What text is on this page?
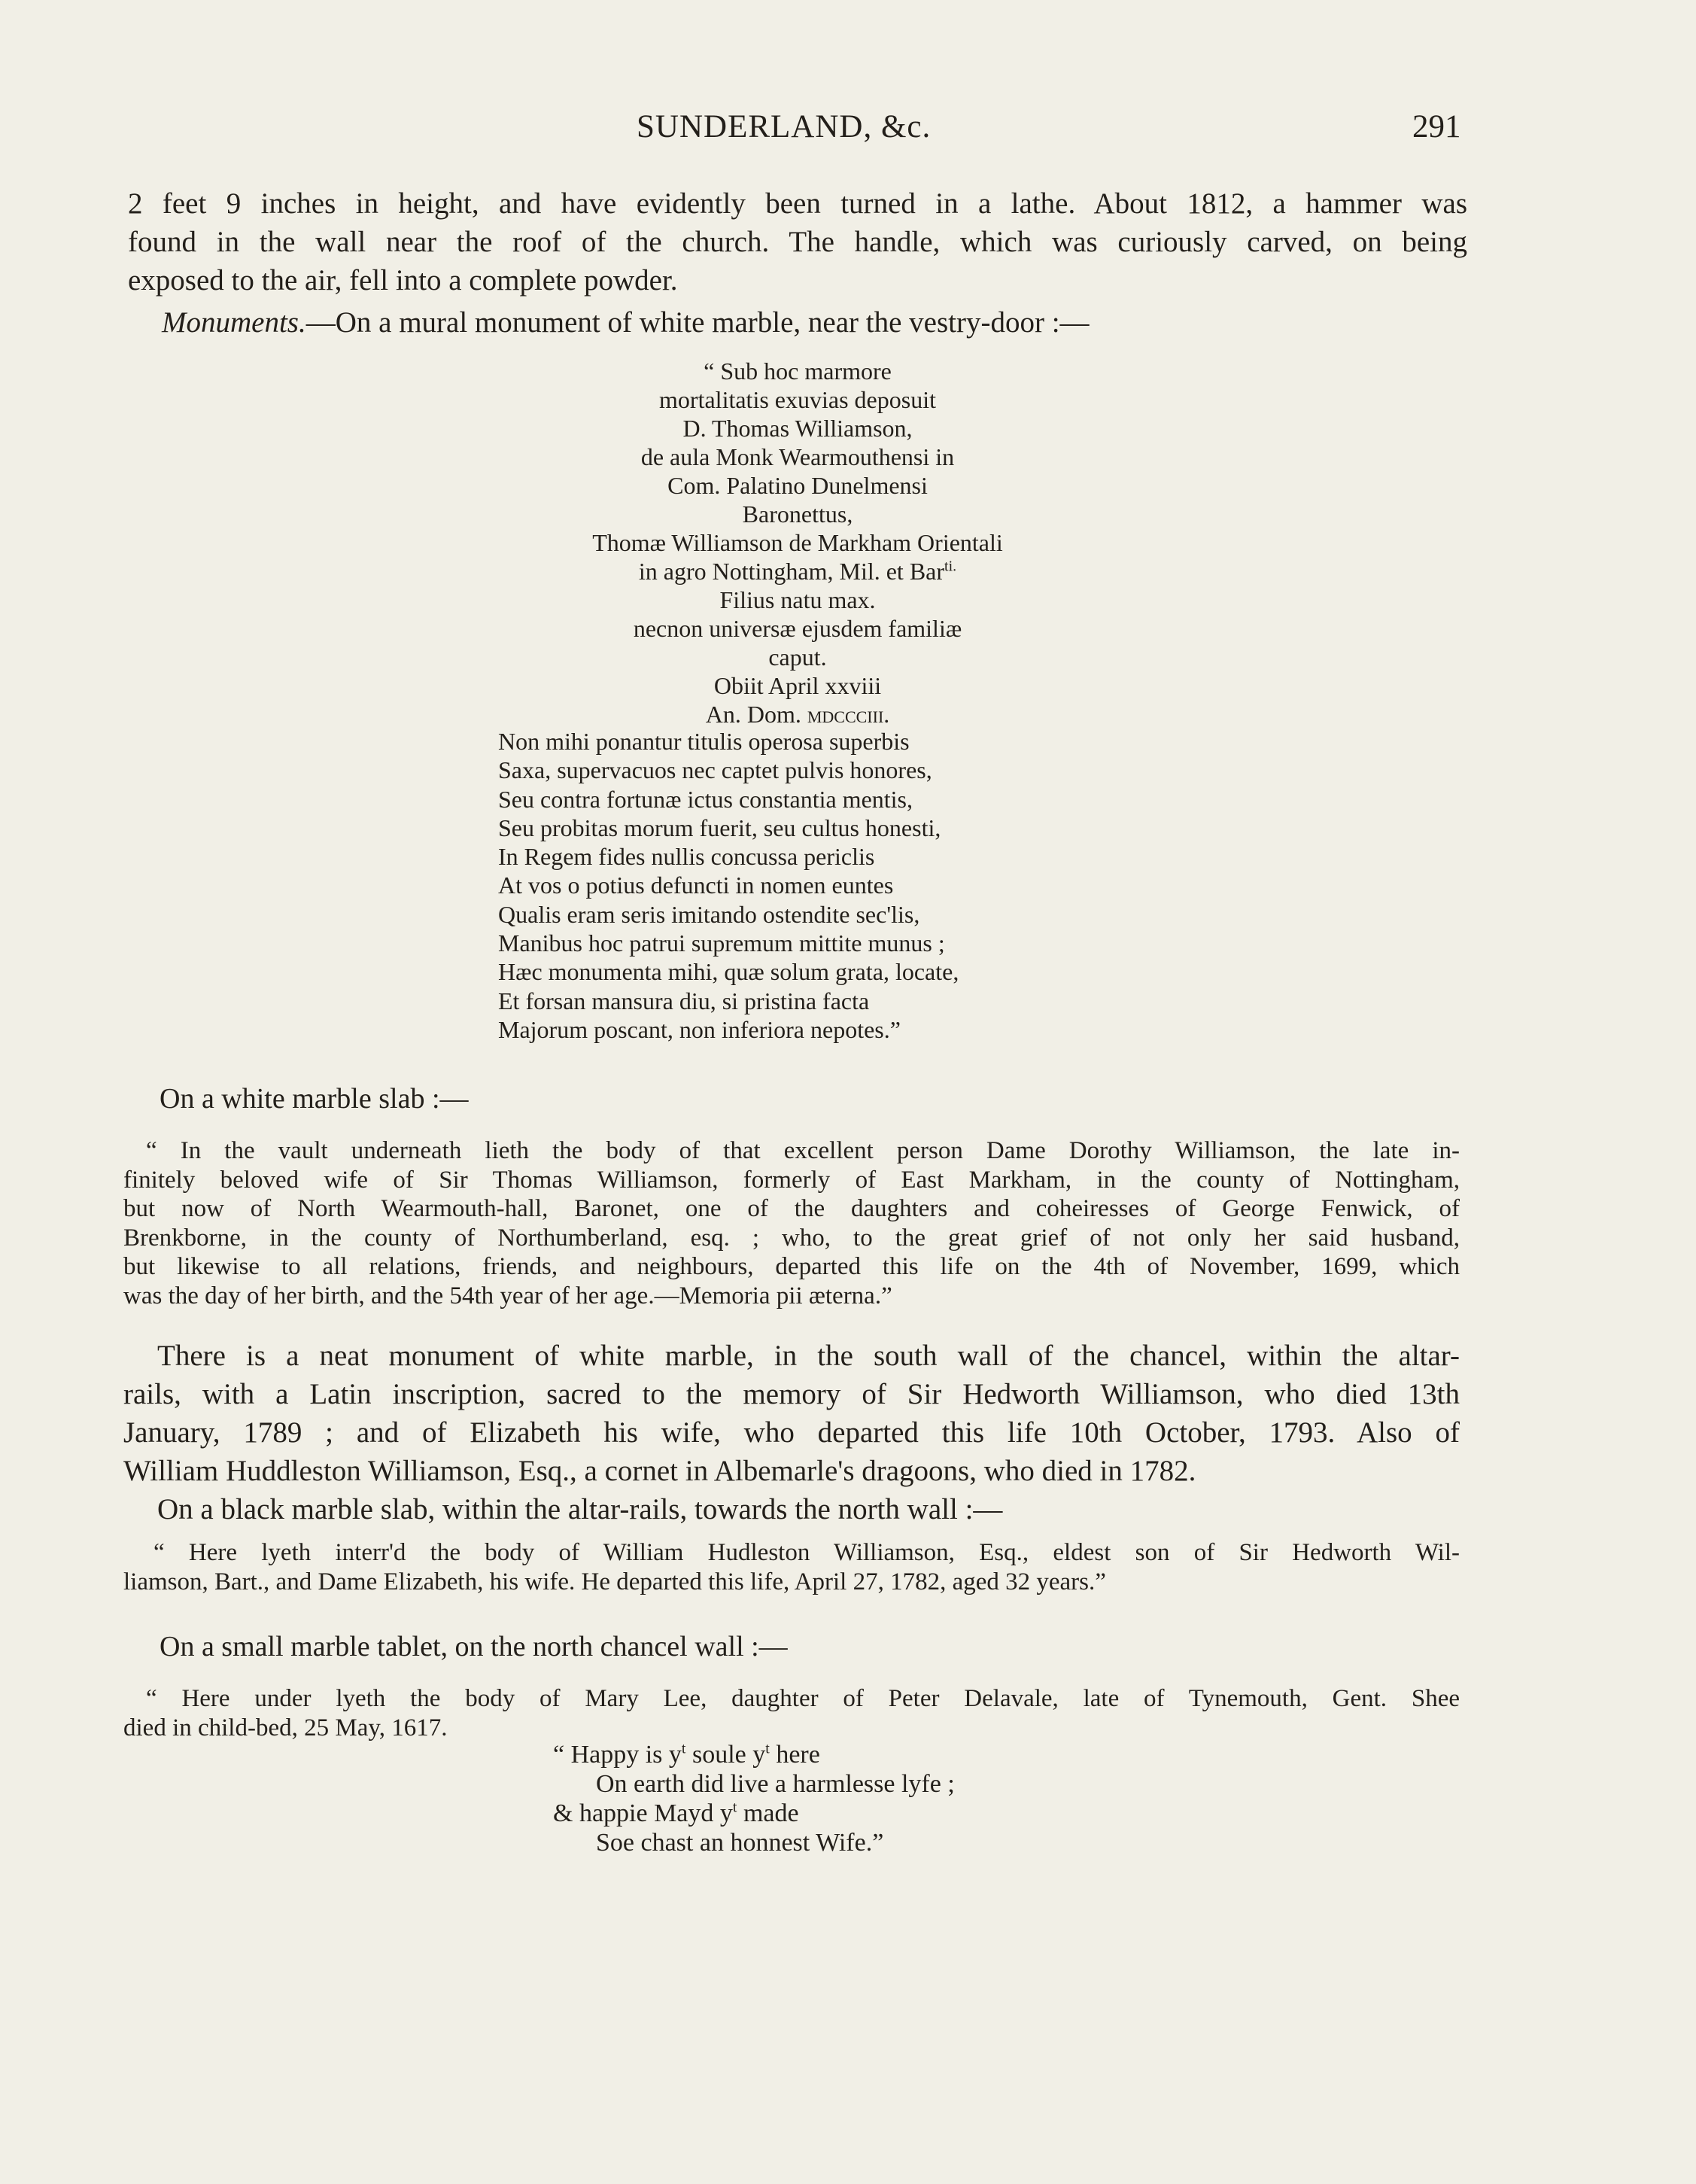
SUNDERLAND, &c.	291

2 feet 9 inches in height, and have evidently been turned in a lathe. About 1812, a hammer was

found in the wall near the roof of the church. The handle, which was curiously carved, on being

exposed to the air, fell into a complete powder.

Monuments.—On a mural monument of white marble, near the vestry-door :—

“ Sub hoc marmore
mortalitatis exuvias deposuit
D. Thomas Williamson,
de aula Monk Wearmouthensi in
Com. Palatino Dunelmensi
Baronettus,
Thomæ Williamson de Markham Orientali
in agro Nottingham, Mil. et Bar$^{ti.}$
Filius natu max.
necnon universæ ejusdem familiæ
caput.
Obiit April xxviii
An. Dom. mdccciii.
Non mihi ponantur titulis operosa superbis
Saxa, supervacuos nec captet pulvis honores,
Seu contra fortunæ ictus constantia mentis,
Seu probitas morum fuerit, seu cultus honesti,
In Regem fides nullis concussa periclis
At vos o potius defuncti in nomen euntes
Qualis eram seris imitando ostendite sec'lis,
Manibus hoc patrui supremum mittite munus ;
Hæc monumenta mihi, quæ solum grata, locate,
Et forsan mansura diu, si pristina facta
Majorum poscant, non inferiora nepotes.”
On a white marble slab :—
“ In the vault underneath lieth the body of that excellent person Dame Dorothy Williamson, the late in-
finitely beloved wife of Sir Thomas Williamson, formerly of East Markham, in the county of Nottingham,
but now of North Wearmouth-hall, Baronet, one of the daughters and coheiresses of George Fenwick, of
Brenkborne, in the county of Northumberland, esq. ; who, to the great grief of not only her said husband,
but likewise to all relations, friends, and neighbours, departed this life on the 4th of November, 1699, which
was the day of her birth, and the 54th year of her age.—Memoria pii æterna.”
There is a neat monument of white marble, in the south wall of the chancel, within the altar-
rails, with a Latin inscription, sacred to the memory of Sir Hedworth Williamson, who died 13th
January, 1789 ; and of Elizabeth his wife, who departed this life 10th October, 1793. Also of
William Huddleston Williamson, Esq., a cornet in Albemarle's dragoons, who died in 1782.
On a black marble slab, within the altar-rails, towards the north wall :—
“ Here lyeth interr'd the body of William Hudleston Williamson, Esq., eldest son of Sir Hedworth Wil-
liamson, Bart., and Dame Elizabeth, his wife. He departed this life, April 27, 1782, aged 32 years.”
On a small marble tablet, on the north chancel wall :—
“ Here under lyeth the body of Mary Lee, daughter of Peter Delavale, late of Tynemouth, Gent. Shee
died in child-bed, 25 May, 1617.
“ Happy is $y^t$ soule $y^t$ here
On earth did live a harmlesse lyfe ;
& happie Mayd $y^t$ made
Soe chast an honnest Wife.”
